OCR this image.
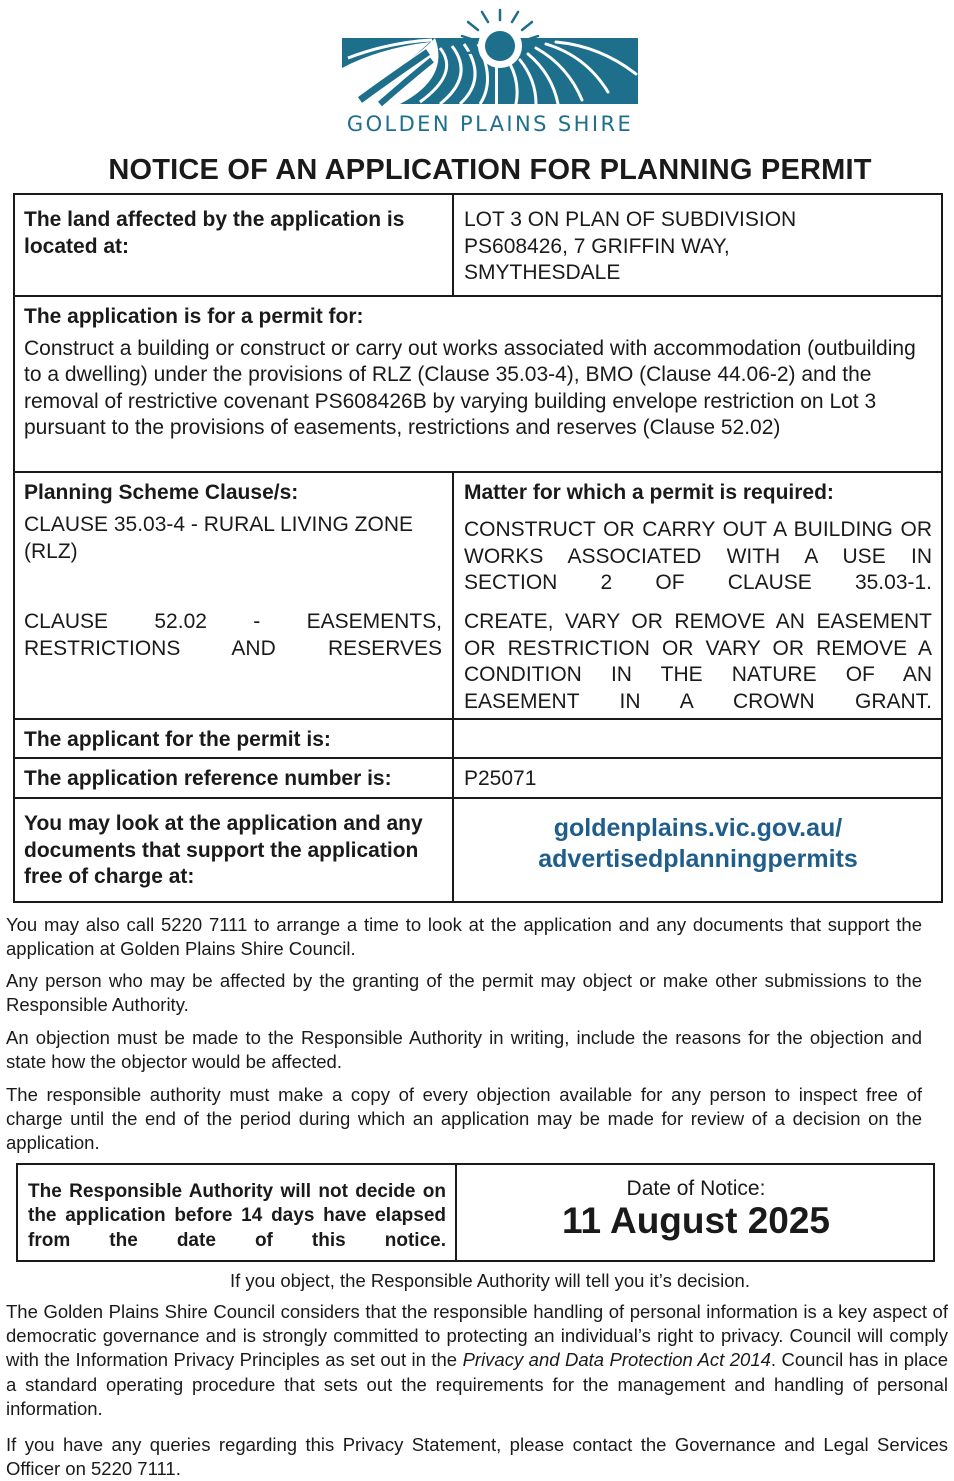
GOLDEN PLAINS SHIRE
NOTICE OF AN APPLICATION FOR PLANNING PERMIT
The land affected by the application is located at:
LOT 3 ON PLAN OF SUBDIVISION PS608426, 7 GRIFFIN WAY, SMYTHESDALE
The application is for a permit for:
Construct a building or construct or carry out works associated with accommodation (outbuilding to a dwelling) under the provisions of RLZ (Clause 35.03-4), BMO (Clause 44.06-2) and the removal of restrictive covenant PS608426B by varying building envelope restriction on Lot 3 pursuant to the provisions of easements, restrictions and reserves (Clause 52.02)
Planning Scheme Clause/s:	Matter for which a permit is required:
CLAUSE 35.03-4 - RURAL LIVING ZONE (RLZ)
CONSTRUCT OR CARRY OUT A BUILDING OR WORKS ASSOCIATED WITH A USE IN SECTION 2 OF CLAUSE 35.03-1.
CLAUSE 52.02 - EASEMENTS, RESTRICTIONS AND RESERVES
CREATE, VARY OR REMOVE AN EASEMENT OR RESTRICTION OR VARY OR REMOVE A CONDITION IN THE NATURE OF AN EASEMENT IN A CROWN GRANT.
The applicant for the permit is:
The application reference number is:	P25071
You may look at the application and any documents that support the application free of charge at:
goldenplains.vic.gov.au/
advertisedplanningpermits
You may also call 5220 7111 to arrange a time to look at the application and any documents that support the application at Golden Plains Shire Council.
Any person who may be affected by the granting of the permit may object or make other submissions to the Responsible Authority.
An objection must be made to the Responsible Authority in writing, include the reasons for the objection and state how the objector would be affected.
The responsible authority must make a copy of every objection available for any person to inspect free of charge until the end of the period during which an application may be made for review of a decision on the application.
The Responsible Authority will not decide on the application before 14 days have elapsed from the date of this notice.
Date of Notice:
11 August 2025
If you object, the Responsible Authority will tell you it’s decision.
The Golden Plains Shire Council considers that the responsible handling of personal information is a key aspect of democratic governance and is strongly committed to protecting an individual’s right to privacy. Council will comply with the Information Privacy Principles as set out in the Privacy and Data Protection Act 2014. Council has in place a standard operating procedure that sets out the requirements for the management and handling of personal information.
If you have any queries regarding this Privacy Statement, please contact the Governance and Legal Services Officer on 5220 7111.
